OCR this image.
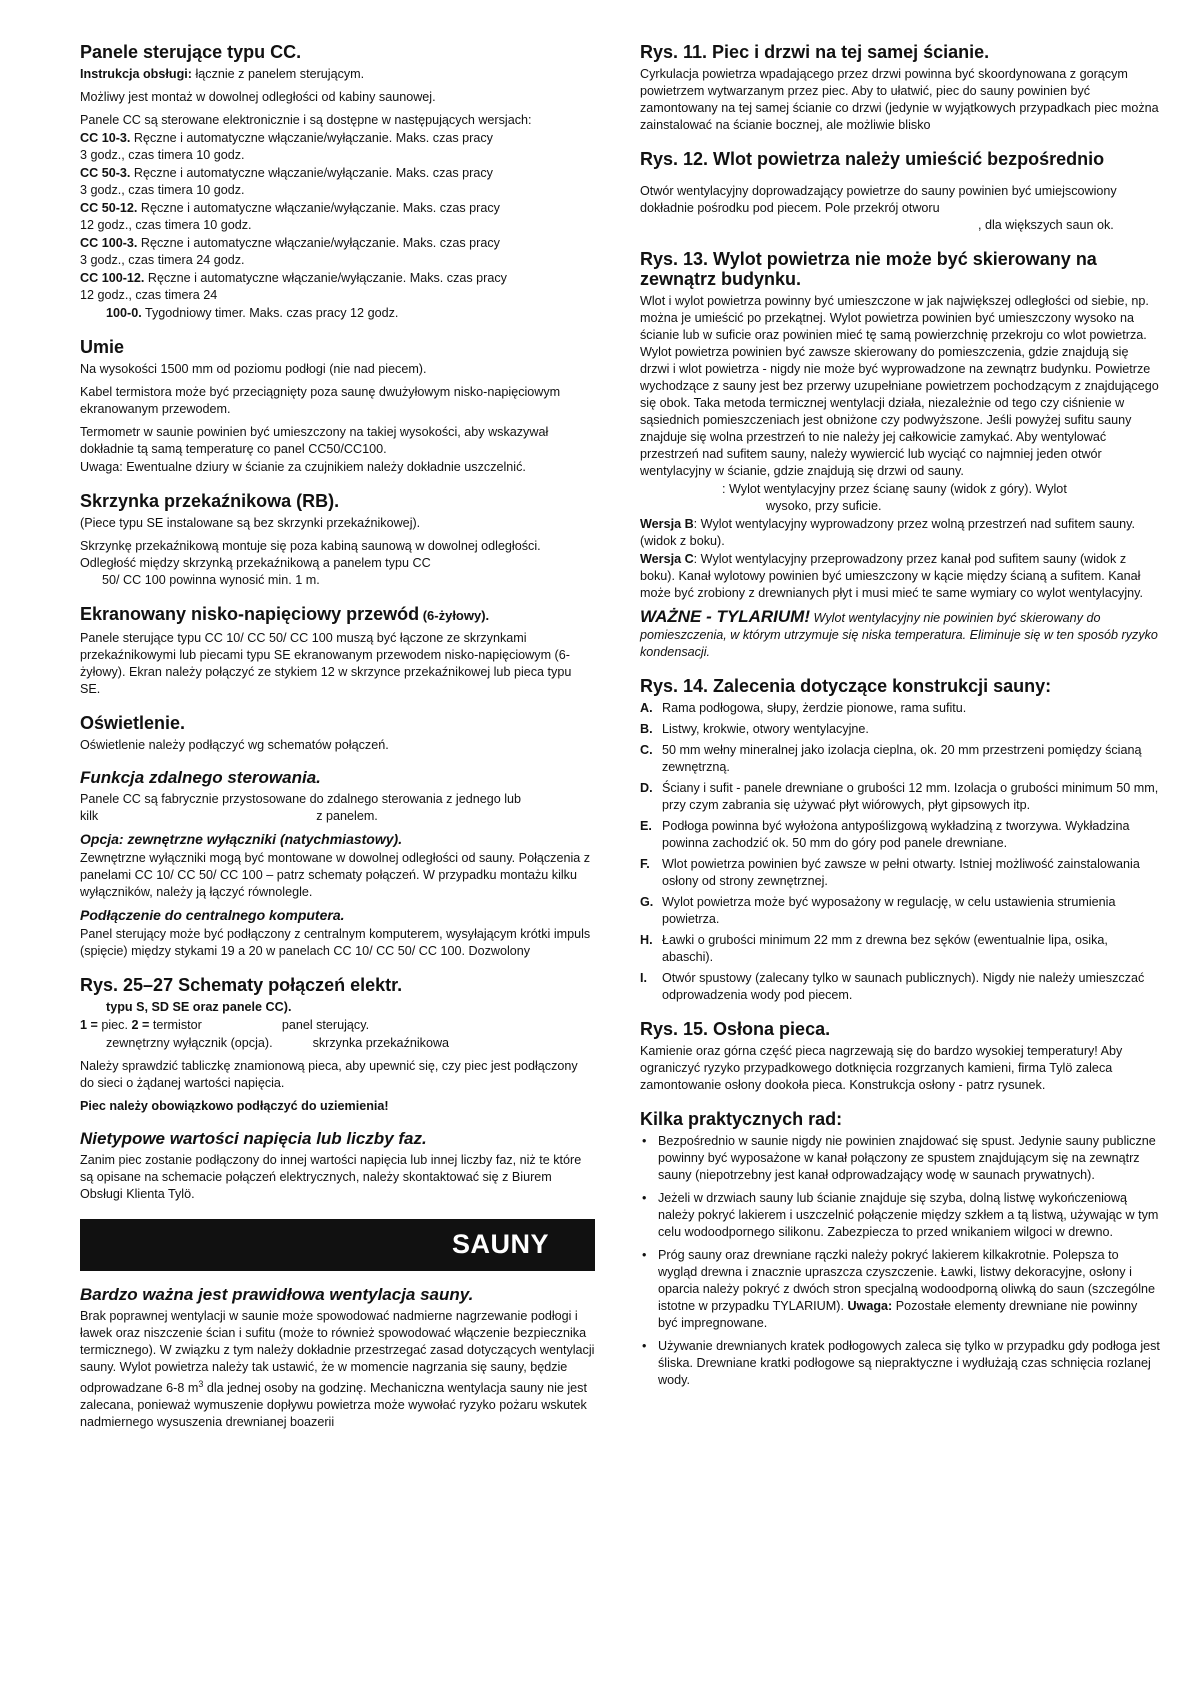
Panele sterujące typu CC.

Instrukcja obsługi: łącznie z panelem sterującym.

Możliwy jest montaż w dowolnej odległości od kabiny saunowej.

Panele CC są sterowane elektronicznie i są dostępne w następujących wersjach:

CC 10-3. Ręczne i automatyczne włączanie/wyłączanie. Maks. czas pracy
3 godz., czas timera 10 godz.

CC 50-3. Ręczne i automatyczne włączanie/wyłączanie. Maks. czas pracy
3 godz., czas timera 10 godz.

CC 50-12. Ręczne i automatyczne włączanie/wyłączanie. Maks. czas pracy
12 godz., czas timera 10 godz.

CC 100-3. Ręczne i automatyczne włączanie/wyłączanie. Maks. czas pracy
3 godz., czas timera 24 godz.

CC 100-12. Ręczne i automatyczne włączanie/wyłączanie. Maks. czas pracy
12 godz., czas timera 24

100-0. Tygodniowy timer. Maks. czas pracy 12 godz.

Umie

Na wysokości 1500 mm od poziomu podłogi (nie nad piecem).

Kabel termistora może być przeciągnięty poza saunę dwużyłowym nisko-napięciowym ekranowanym przewodem.

Termometr w saunie powinien być umieszczony na takiej wysokości, aby wskazywał dokładnie tą samą temperaturę co panel CC50/CC100.

Uwaga: Ewentualne dziury w ścianie za czujnikiem należy dokładnie uszczelnić.

Skrzynka przekaźnikowa (RB).

(Piece typu SE instalowane są bez skrzynki przekaźnikowej).

Skrzynkę przekaźnikową montuje się poza kabiną saunową w dowolnej odległości. Odległość między skrzynką przekaźnikową a panelem typu CC
50/ CC 100 powinna wynosić min. 1 m.

Ekranowany nisko-napięciowy przewód (6-żyłowy).

Panele sterujące typu CC 10/ CC 50/ CC 100 muszą być łączone ze skrzynkami przekaźnikowymi lub piecami typu SE ekranowanym przewodem nisko-napięciowym (6-żyłowy). Ekran należy połączyć ze stykiem 12 w skrzynce przekaźnikowej lub pieca typu SE.

Oświetlenie.

Oświetlenie należy podłączyć wg schematów połączeń.

Funkcja zdalnego sterowania.

Panele CC są fabrycznie przystosowane do zdalnego sterowania z jednego lub
kilk	z panelem.

Opcja: zewnętrzne wyłączniki (natychmiastowy).

Zewnętrzne wyłączniki mogą być montowane w dowolnej odległości od sauny. Połączenia z panelami CC 10/ CC 50/ CC 100 – patrz schematy połączeń. W przypadku montażu kilku wyłączników, należy ją łączyć równolegle.

Podłączenie do centralnego komputera.

Panel sterujący może być podłączony z centralnym komputerem, wysyłającym krótki impuls (spięcie) między stykami 19 a 20 w panelach CC 10/ CC 50/ CC 100. Dozwolony

Rys. 25–27 Schematy połączeń elektr.

typu S, SD SE oraz panele CC).

1 = piec. 2 = termistor	panel sterujący.

zewnętrzny wyłącznik (opcja).	skrzynka przekaźnikowa

Należy sprawdzić tabliczkę znamionową pieca, aby upewnić się, czy piec jest podłączony do sieci o żądanej wartości napięcia.

Piec należy obowiązkowo podłączyć do uziemienia!

Nietypowe wartości napięcia lub liczby faz.

Zanim piec zostanie podłączony do innej wartości napięcia lub innej liczby faz, niż te które są opisane na schemacie połączeń elektrycznych, należy skontaktować się z Biurem Obsługi Klienta Tylö.

SAUNY
Bardzo ważna jest prawidłowa wentylacja sauny.

Brak poprawnej wentylacji w saunie może spowodować nadmierne nagrzewanie podłogi i ławek oraz niszczenie ścian i sufitu (może to również spowodować włączenie bezpiecznika termicznego). W związku z tym należy dokładnie przestrzegać zasad dotyczących wentylacji sauny. Wylot powietrza należy tak ustawić, że w momencie nagrzania się sauny, będzie odprowadzane 6-8 $m^3$ dla jednej osoby na godzinę. Mechaniczna wentylacja sauny nie jest zalecana, ponieważ wymuszenie dopływu powietrza może wywołać ryzyko pożaru wskutek nadmiernego wysuszenia drewnianej boazerii

Rys. 11. Piec i drzwi na tej samej ścianie.

Cyrkulacja powietrza wpadającego przez drzwi powinna być skoordynowana z gorącym powietrzem wytwarzanym przez piec. Aby to ułatwić, piec do sauny powinien być zamontowany na tej samej ścianie co drzwi (jedynie w wyjątkowych przypadkach piec można zainstalować na ścianie bocznej, ale możliwie blisko

Rys. 12. Wlot powietrza należy umieścić bezpośrednio

Otwór wentylacyjny doprowadzający powietrze do sauny powinien być umiejscowiony dokładnie pośrodku pod piecem. Pole przekrój otworu
, dla większych saun ok.

Rys. 13. Wylot powietrza nie może być skierowany na zewnątrz budynku.

Wlot i wylot powietrza powinny być umieszczone w jak największej odległości od siebie, np. można je umieścić po przekątnej. Wylot powietrza powinien być umieszczony wysoko na ścianie lub w suficie oraz powinien mieć tę samą powierzchnię przekroju co wlot powietrza. Wylot powietrza powinien być zawsze skierowany do pomieszczenia, gdzie znajdują się drzwi i wlot powietrza - nigdy nie może być wyprowadzone na zewnątrz budynku. Powietrze wychodzące z sauny jest bez przerwy uzupełniane powietrzem pochodzącym z znajdującego się obok. Taka metoda termicznej wentylacji działa, niezależnie od tego czy ciśnienie w sąsiednich pomieszczeniach jest obniżone czy podwyższone. Jeśli powyżej sufitu sauny znajduje się wolna przestrzeń to nie należy jej całkowicie zamykać. Aby wentylować przestrzeń nad sufitem sauny, należy wywiercić lub wyciąć co najmniej jeden otwór wentylacyjny w ścianie, gdzie znajdują się drzwi od sauny.

: Wylot wentylacyjny przez ścianę sauny (widok z góry). Wylot
wysoko, przy suficie.

Wersja B: Wylot wentylacyjny wyprowadzony przez wolną przestrzeń nad sufitem sauny.(widok z boku).

Wersja C: Wylot wentylacyjny przeprowadzony przez kanał pod sufitem sauny (widok z boku). Kanał wylotowy powinien być umieszczony w kącie między ścianą a sufitem. Kanał może być zrobiony z drewnianych płyt i musi mieć te same wymiary co wylot wentylacyjny.

WAŻNE - TYLARIUM! Wylot wentylacyjny nie powinien być skierowany do pomieszczenia, w którym utrzymuje się niska temperatura. Eliminuje się w ten sposób ryzyko kondensacji.

Rys. 14. Zalecenia dotyczące konstrukcji sauny:

A. Rama podłogowa, słupy, żerdzie pionowe, rama sufitu.

B. Listwy, krokwie, otwory wentylacyjne.

C. 50 mm wełny mineralnej jako izolacja cieplna, ok. 20 mm przestrzeni pomiędzy ścianą zewnętrzną.

D. Ściany i sufit - panele drewniane o grubości 12 mm. Izolacja o grubości minimum 50 mm, przy czym zabrania się używać płyt wiórowych, płyt gipsowych itp.

E. Podłoga powinna być wyłożona antypoślizgową wykładziną z tworzywa. Wykładzina powinna zachodzić ok. 50 mm do góry pod panele drewniane.

F. Wlot powietrza powinien być zawsze w pełni otwarty. Istniej możliwość zainstalowania osłony od strony zewnętrznej.

G. Wylot powietrza może być wyposażony w regulację, w celu ustawienia strumienia powietrza.

H. Ławki o grubości minimum 22 mm z drewna bez sęków (ewentualnie lipa, osika, abaschi).

I. Otwór spustowy (zalecany tylko w saunach publicznych). Nigdy nie należy umieszczać odprowadzenia wody pod piecem.

Rys. 15. Osłona pieca.

Kamienie oraz górna część pieca nagrzewają się do bardzo wysokiej temperatury! Aby ograniczyć ryzyko przypadkowego dotknięcia rozgrzanych kamieni, firma Tylö zaleca zamontowanie osłony dookoła pieca. Konstrukcja osłony - patrz rysunek.

Kilka praktycznych rad:
• Bezpośrednio w saunie nigdy nie powinien znajdować się spust. Jedynie sauny publiczne powinny być wyposażone w kanał połączony ze spustem znajdującym się na zewnątrz sauny (niepotrzebny jest kanał odprowadzający wodę w saunach prywatnych).
• Jeżeli w drzwiach sauny lub ścianie znajduje się szyba, dolną listwę wykończeniową należy pokryć lakierem i uszczelnić połączenie między szkłem a tą listwą, używając w tym celu wodoodpornego silikonu. Zabezpiecza to przed wnikaniem wilgoci w drewno.
• Próg sauny oraz drewniane rączki należy pokryć lakierem kilkakrotnie. Polepsza to wygląd drewna i znacznie upraszcza czyszczenie. Ławki, listwy dekoracyjne, osłony i oparcia należy pokryć z dwóch stron specjalną wodoodporną oliwką do saun (szczególne istotne w przypadku TYLARIUM). Uwaga: Pozostałe elementy drewniane nie powinny być impregnowane.
• Używanie drewnianych kratek podłogowych zaleca się tylko w przypadku gdy podłoga jest śliska. Drewniane kratki podłogowe są niepraktyczne i wydłużają czas schnięcia rozlanej wody.
